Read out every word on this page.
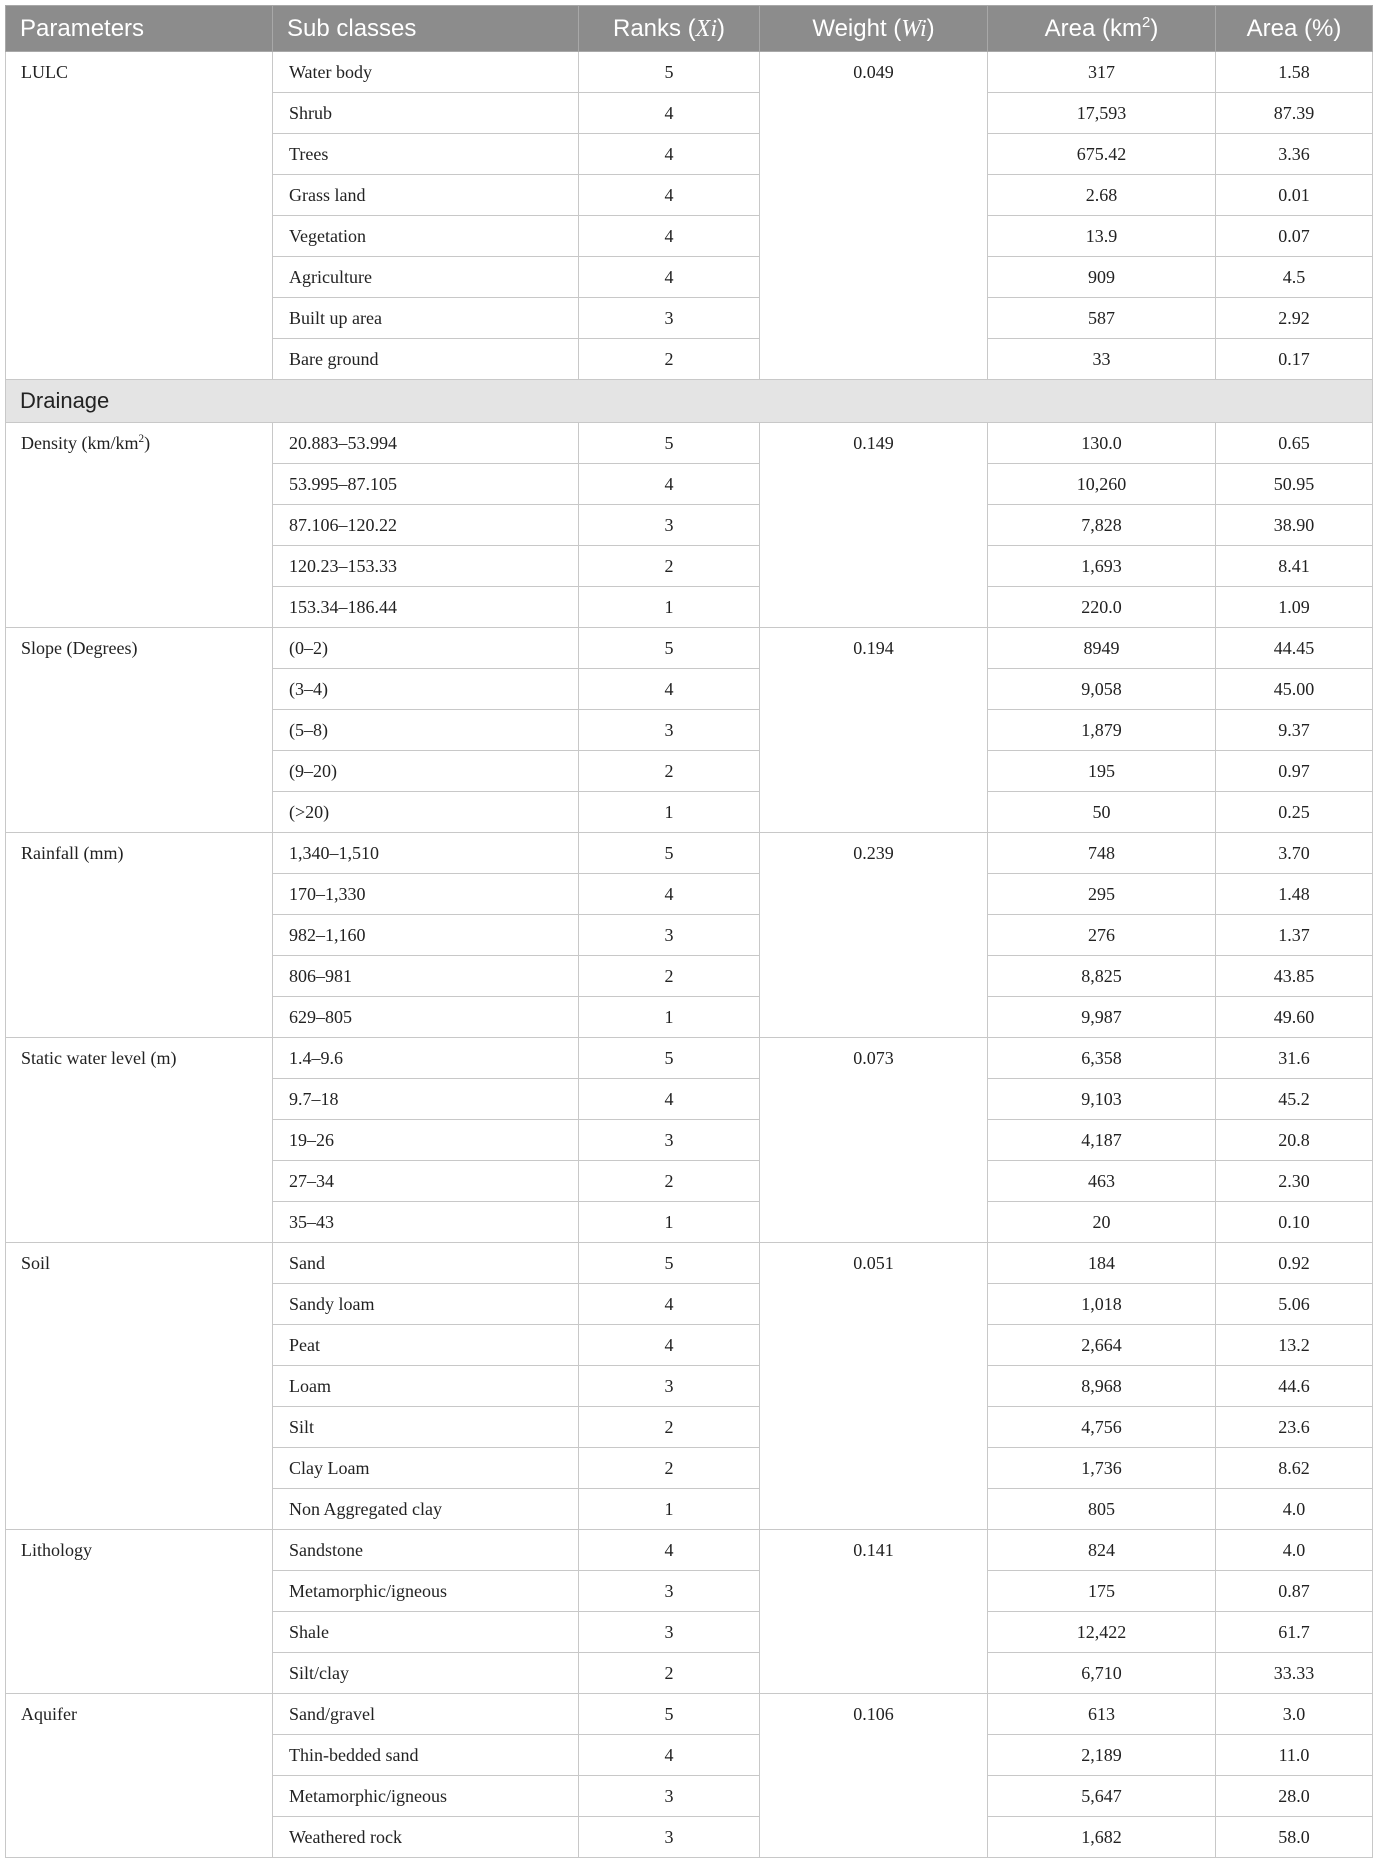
Parameters	Sub classes	Ranks (Xi)	Weight (Wi)	Area $(km^2)$	Area (%)
LULC	Water body	5	0.049	317	1.58
	Shrub	4		17,593	87.39
	Trees	4		675.42	3.36
	Grass land	4		2.68	0.01
	Vegetation	4		13.9	0.07
	Agriculture	4		909	4.5
	Built up area	3		587	2.92
	Bare ground	2		33	0.17
Drainage					
Density $(km/km^2)$	20.883–53.994	5	0.149	130.0	0.65
	53.995–87.105	4		10,260	50.95
	87.106–120.22	3		7,828	38.90
	120.23–153.33	2		1,693	8.41
	153.34–186.44	1		220.0	1.09
Slope (Degrees)	(0–2)	5	0.194	8949	44.45
	(3–4)	4		9,058	45.00
	(5–8)	3		1,879	9.37
	(9–20)	2		195	0.97
	(>20)	1		50	0.25
Rainfall (mm)	1,340–1,510	5	0.239	748	3.70
	170–1,330	4		295	1.48
	982–1,160	3		276	1.37
	806–981	2		8,825	43.85
	629–805	1		9,987	49.60
Static water level (m)	1.4–9.6	5	0.073	6,358	31.6
	9.7–18	4		9,103	45.2
	19–26	3		4,187	20.8
	27–34	2		463	2.30
	35–43	1		20	0.10
Soil	Sand	5	0.051	184	0.92
	Sandy loam	4		1,018	5.06
	Peat	4		2,664	13.2
	Loam	3		8,968	44.6
	Silt	2		4,756	23.6
	Clay Loam	2		1,736	8.62
	Non Aggregated clay	1		805	4.0
Lithology	Sandstone	4	0.141	824	4.0
	Metamorphic/igneous	3		175	0.87
	Shale	3		12,422	61.7
	Silt/clay	2		6,710	33.33
Aquifer	Sand/gravel	5	0.106	613	3.0
	Thin-bedded sand	4		2,189	11.0
	Metamorphic/igneous	3		5,647	28.0
	Weathered rock	3		1,682	58.0
